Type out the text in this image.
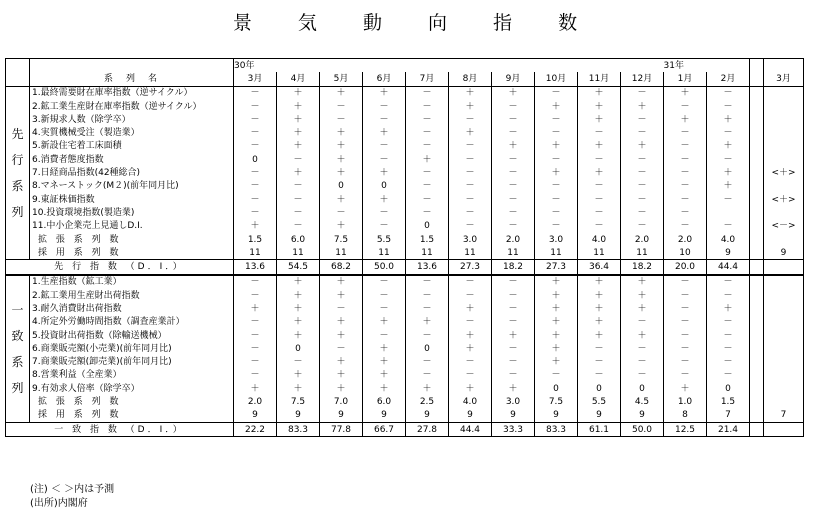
景 気 動 向 指 数
		30年										31年			
	系　列　名	3月	4月	5月	6月	7月	8月	9月	10月	11月	12月	1月	2月		3月

先
行
系
列	1.最終需要財在庫率指数（逆サイクル）	－	＋	＋	＋	－	＋	＋	－	＋	－	＋	－		
	2.鉱工業生産財在庫率指数（逆サイクル）	－	＋	－	－	－	＋	－	＋	＋	＋	－	－		
	3.新規求人数（除学卒）	－	＋	－	－	－	－	－	－	＋	－	＋	＋		
	4.実質機械受注（製造業）	－	＋	＋	＋	－	＋	－	－	－	－	－	－		
	5.新設住宅着工床面積	－	＋	＋	－	－	－	＋	＋	＋	＋	－	＋		
	6.消費者態度指数	0	－	＋	－	＋	－	－	－	－	－	－	－		
	7.日経商品指数(42種総合)	－	＋	＋	＋	－	－	－	＋	＋	－	－	＋		<＋>
	8.マネーストック(M２)(前年同月比)	－	－	0	0	－	－	－	－	－	－	－	＋		
	9.東証株価指数	－	－	＋	＋	－	－	－	－	－	－	－	－		<＋>
	10.投資環境指数(製造業)	－	－	－	－	－	－	－	－	－	－	－			
	11.中小企業売上見通しD.I.	＋	－	＋	－	0	－	－	－	－	－	－	－		<－>
	拡 張 系 列 数	1.5	6.0	7.5	5.5	1.5	3.0	2.0	3.0	4.0	2.0	2.0	4.0		
	採 用 系 列 数	11	11	11	11	11	11	11	11	11	11	10	9		9
先 行 指 数 （D．I．）		13.6	54.5	68.2	50.0	13.6	27.3	18.2	27.3	36.4	18.2	20.0	44.4		

一
致
系
列	1.生産指数（鉱工業）	－	＋	＋	－	－	－	－	＋	＋	＋	－	－		
	2.鉱工業用生産財出荷指数	－	＋	＋	－	－	－	－	＋	＋	＋	－	－		
	3.耐久消費財出荷指数	＋	＋	－	－	－	＋	－	＋	＋	＋	－	＋		
	4.所定外労働時間指数（調査産業計）	－	＋	＋	＋	＋	－	－	＋	＋	－	－	－		
	5.投資財出荷指数（除輸送機械）	－	＋	＋	－	－	＋	＋	＋	＋	＋	－	－		
	6.商業販売額(小売業)(前年同月比)	－	0	－	＋	0	＋	－	＋	－	－	－	－		
	7.商業販売額(卸売業)(前年同月比)	－	－	＋	＋	－	－	－	＋	－	－	－	－		
	8.営業利益（全産業）	－	＋	＋	＋	－	－	－	－	－	－	－	－		
	9.有効求人倍率（除学卒）	＋	＋	＋	＋	＋	＋	＋	0	0	0	＋	0		
	拡 張 系 列 数	2.0	7.5	7.0	6.0	2.5	4.0	3.0	7.5	5.5	4.5	1.0	1.5		
	採 用 系 列 数	9	9	9	9	9	9	9	9	9	9	8	7		7
一 致 指 数 （D．I．）		22.2	83.3	77.8	66.7	27.8	44.4	33.3	83.3	61.1	50.0	12.5	21.4		
(注) ＜ ＞内は予測
(出所)内閣府
